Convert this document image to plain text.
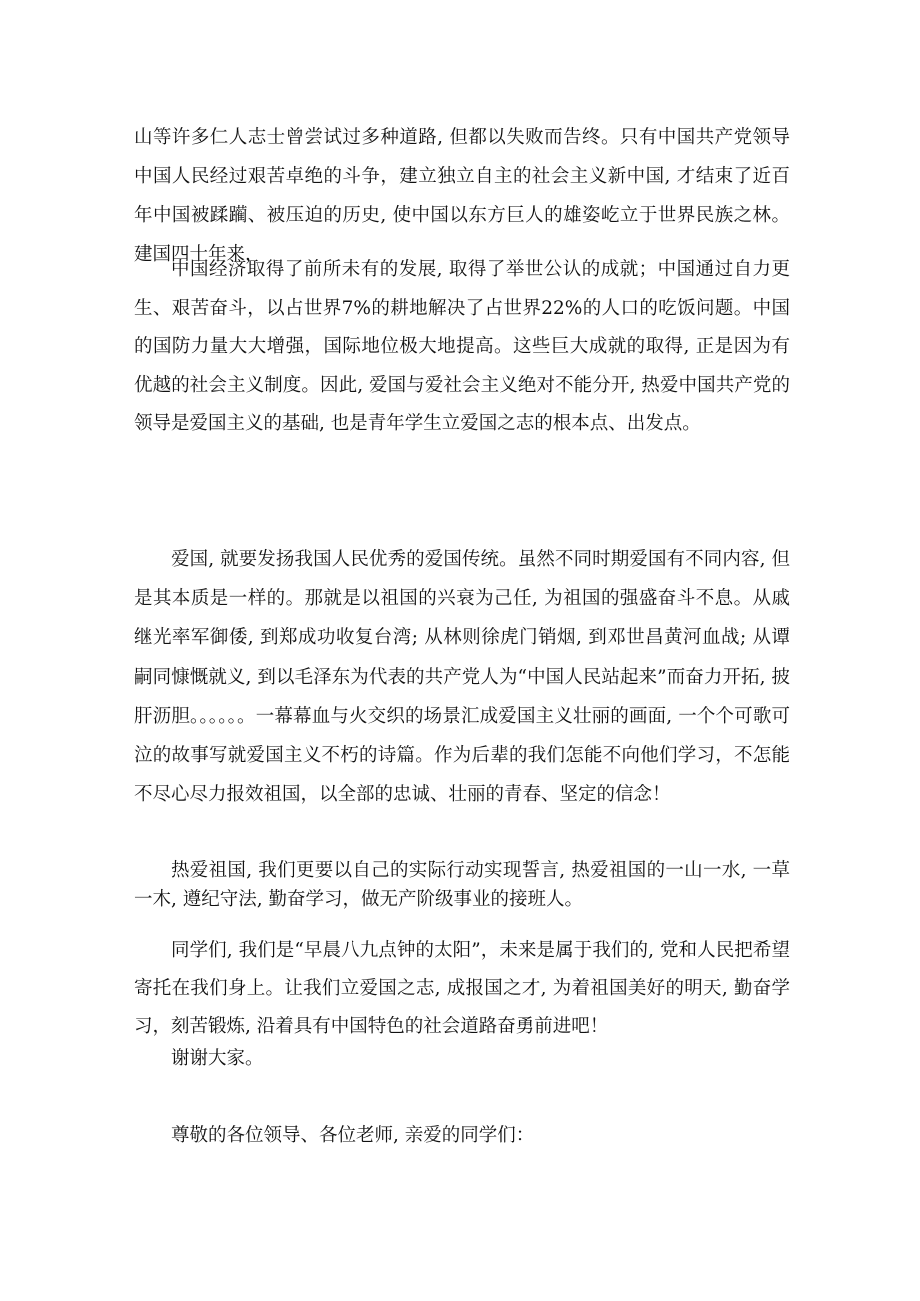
山等许多仁人志士曾尝试过多种道路, 但都以失败而告终。只有中国共产党领导中国人民经过艰苦卓绝的斗争，建立独立自主的社会主义新中国, 才结束了近百年中国被蹂躏、被压迫的历史, 使中国以东方巨人的雄姿屹立于世界民族之林。建国四十年来，

中国经济取得了前所未有的发展, 取得了举世公认的成就；中国通过自力更生、艰苦奋斗，以占世界7%的耕地解决了占世界22%的人口的吃饭问题。中国的国防力量大大增强，国际地位极大地提高。这些巨大成就的取得, 正是因为有优越的社会主义制度。因此, 爱国与爱社会主义绝对不能分开, 热爱中国共产党的领导是爱国主义的基础, 也是青年学生立爱国之志的根本点、出发点。

爱国, 就要发扬我国人民优秀的爱国传统。虽然不同时期爱国有不同内容, 但是其本质是一样的。那就是以祖国的兴衰为己任, 为祖国的强盛奋斗不息。从戚继光率军御倭, 到郑成功收复台湾; 从林则徐虎门销烟, 到邓世昌黄河血战; 从谭嗣同慷慨就义, 到以毛泽东为代表的共产党人为“中国人民站起来”而奋力开拓, 披肝沥胆。。。。。。一幕幕血与火交织的场景汇成爱国主义壮丽的画面, 一个个可歌可泣的故事写就爱国主义不朽的诗篇。作为后辈的我们怎能不向他们学习，不怎能不尽心尽力报效祖国，以全部的忠诚、壮丽的青春、坚定的信念！

热爱祖国, 我们更要以自己的实际行动实现誓言, 热爱祖国的一山一水, 一草一木, 遵纪守法, 勤奋学习，做无产阶级事业的接班人。

同学们, 我们是“早晨八九点钟的太阳”，未来是属于我们的, 党和人民把希望寄托在我们身上。让我们立爱国之志, 成报国之才, 为着祖国美好的明天, 勤奋学习，刻苦锻炼, 沿着具有中国特色的社会道路奋勇前进吧！

谢谢大家。

尊敬的各位领导、各位老师, 亲爱的同学们：
